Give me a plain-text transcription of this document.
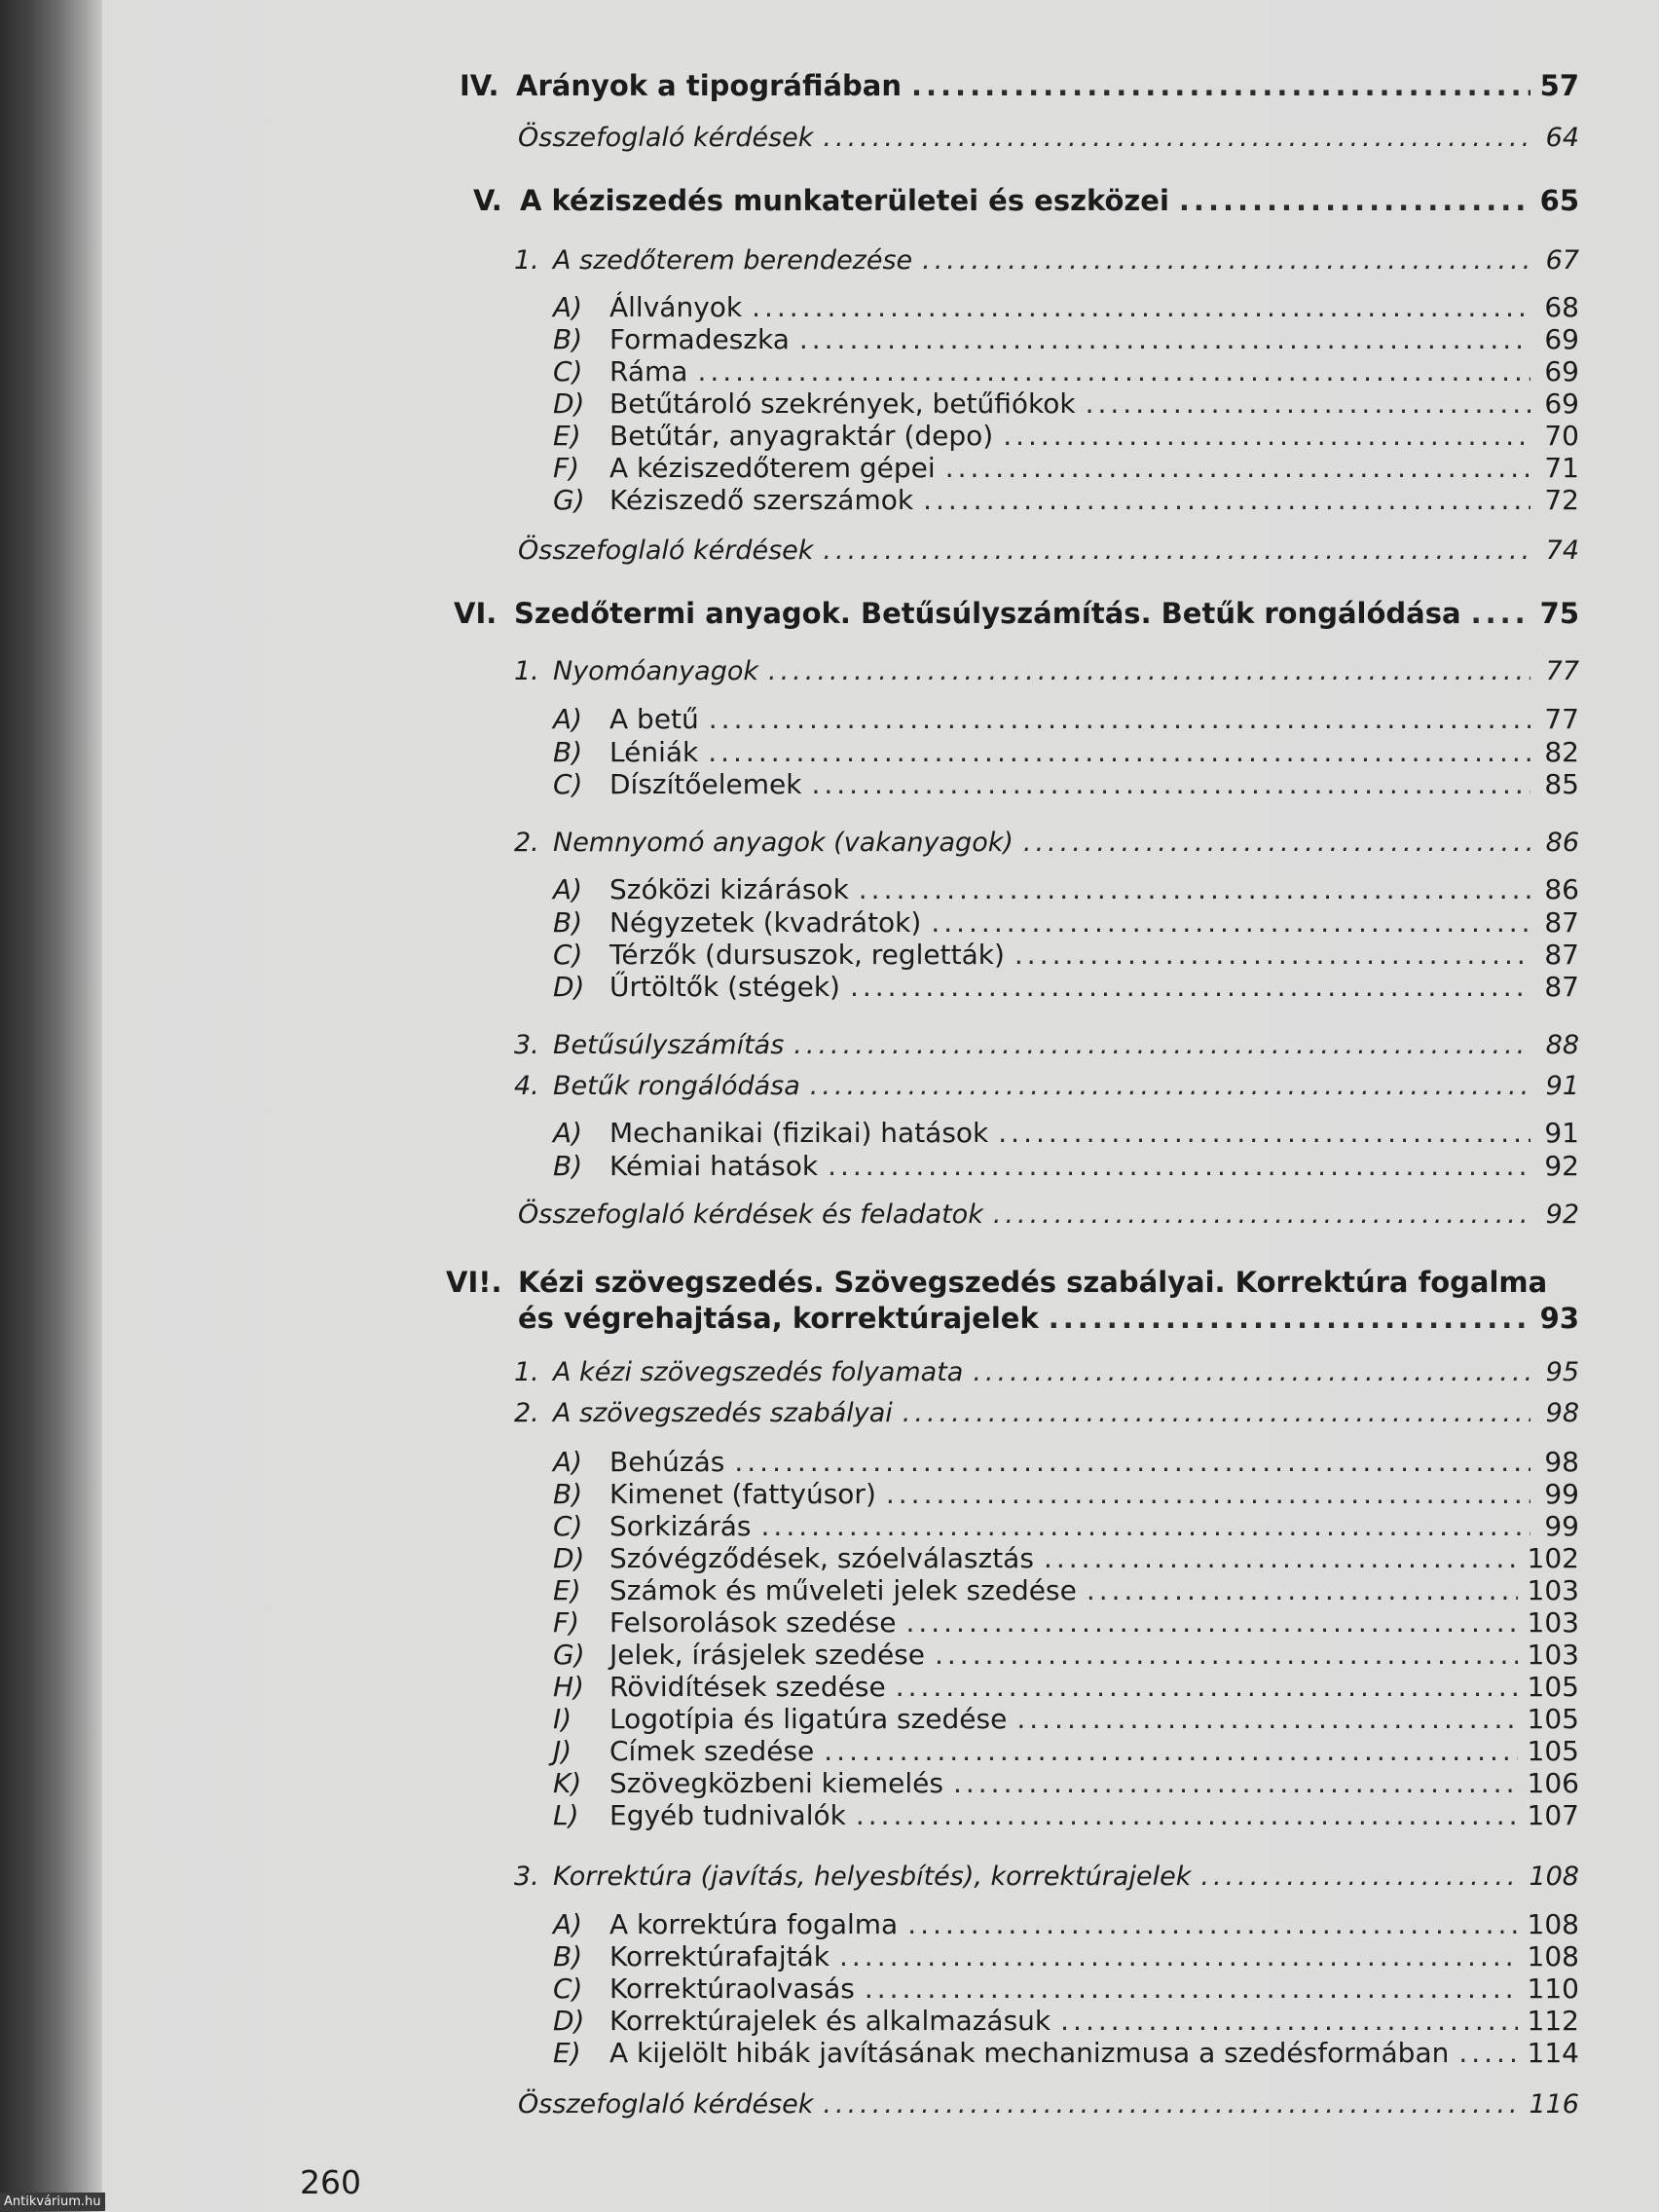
IV. Arányok a tipográfiában .....	57
Összefoglaló kérdések .....	64
V. A kéziszedés munkaterületei és eszközei .....	65
1. A szedőterem berendezése .....	67
A) Állványok .....	68
B) Formadeszka .....	69
C) Ráma .....	69
D) Betűtároló szekrények, betűfiókok .....	69
E)	Betűtár, anyagraktár (depo) .....	70
F)	A kéziszedőterem gépei .....	71
G) Kéziszedő szerszámok .....	72
Összefoglaló kérdések .....	74
VI. Szedőtermi anyagok. Betűsúlyszámítás. Betűk rongálódása .....	75
1. Nyomóanyagok .....	77
A) A betű .....	77
B) Léniák .....	82
C) Díszítőelemek .....	85
2. Nemnyomó anyagok (vakanyagok) .....	86
A) Szóközi kizárások .....	86
B) Négyzetek (kvadrátok) .....	87
C) Térzők (dursuszok, regletták) .....	87
D) Űrtöltők (stégek) .....	87
3. Betűsúlyszámítás .....	88
4. Betűk rongálódása .....	91
A) Mechanikai (fizikai) hatások .....	91
B) Kémiai hatások .....	92
Összefoglaló kérdések és feladatok .....	92
VI!. Kézi szövegszedés. Szövegszedés szabályai. Korrektúra fogalma
és végrehajtása, korrektúrajelek .....	93
1. A kézi szövegszedés folyamata .....	95
2. A szövegszedés szabályai .....	98
A) Behúzás .....	98
B) Kimenet (fattyúsor) .....	99
C) Sorkizárás .....	99
D) Szóvégződések, szóelválasztás .....	102
E)	Számok és műveleti jelek szedése .....	103
F)	Felsorolások szedése .....	103
G) Jelek, írásjelek szedése .....	103
H) Rövidítések szedése .....	105
I)	Logotípia és ligatúra szedése .....	105
J)	Címek szedése .....	105
K)	Szövegközbeni kiemelés .....	106
L)	Egyéb tudnivalók .....	107
3. Korrektúra (javítás, helyesbítés), korrektúrajelek .....	108
A) A korrektúra fogalma .....	108
B) Korrektúrafajták .....	108
C) Korrektúraolvasás .....	110
D) Korrektúrajelek és alkalmazásuk .....	112
E)	A kijelölt hibák javításának mechanizmusa a szedésformában .....	114
Összefoglaló kérdések .....	116
260
Antikvárium.hu
